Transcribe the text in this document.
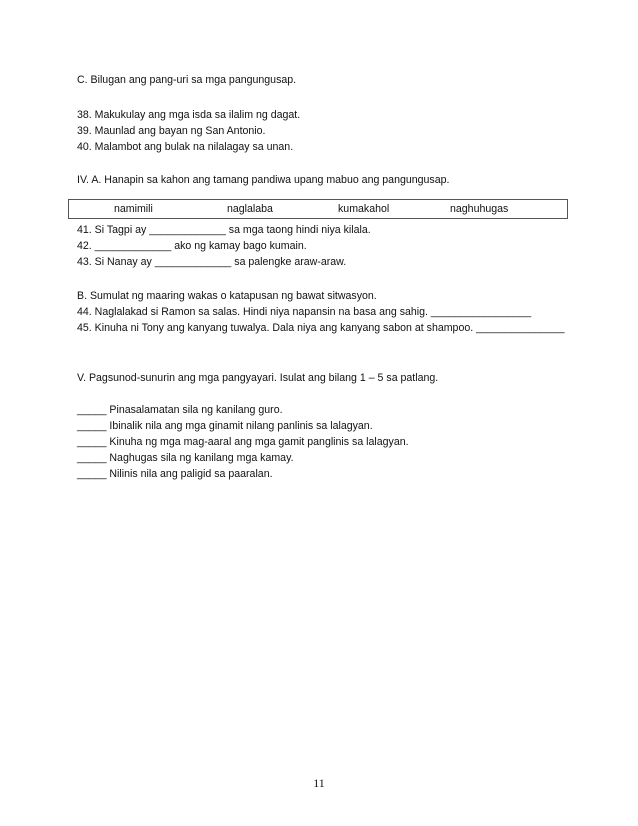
C. Bilugan ang pang-uri sa mga pangungusap.
38. Makukulay ang mga isda sa ilalim ng dagat.
39. Maunlad ang bayan ng San Antonio.
40. Malambot ang bulak na nilalagay sa unan.
IV. A. Hanapin sa kahon ang tamang pandiwa upang mabuo ang pangungusap.
namimili	naglalaba	kumakahol	naghuhugas
41. Si Tagpi ay _____________ sa mga taong hindi niya kilala.
42. _____________ ako ng kamay bago kumain.
43. Si Nanay ay _____________ sa palengke araw-araw.
B. Sumulat ng maaring wakas o katapusan ng bawat sitwasyon.
44. Naglalakad si Ramon sa salas. Hindi niya napansin na basa ang sahig. _________________
45. Kinuha ni Tony ang kanyang tuwalya. Dala niya ang kanyang sabon at shampoo. _______________
V. Pagsunod-sunurin ang mga pangyayari. Isulat ang bilang 1 – 5 sa patlang.
_____ Pinasalamatan sila ng kanilang guro.
_____ Ibinalik nila ang mga ginamit nilang panlinis sa lalagyan.
_____ Kinuha ng mga mag-aaral ang mga gamit panglinis sa lalagyan.
_____ Naghugas sila ng kanilang mga kamay.
_____ Nilinis nila ang paligid sa paaralan.
11
